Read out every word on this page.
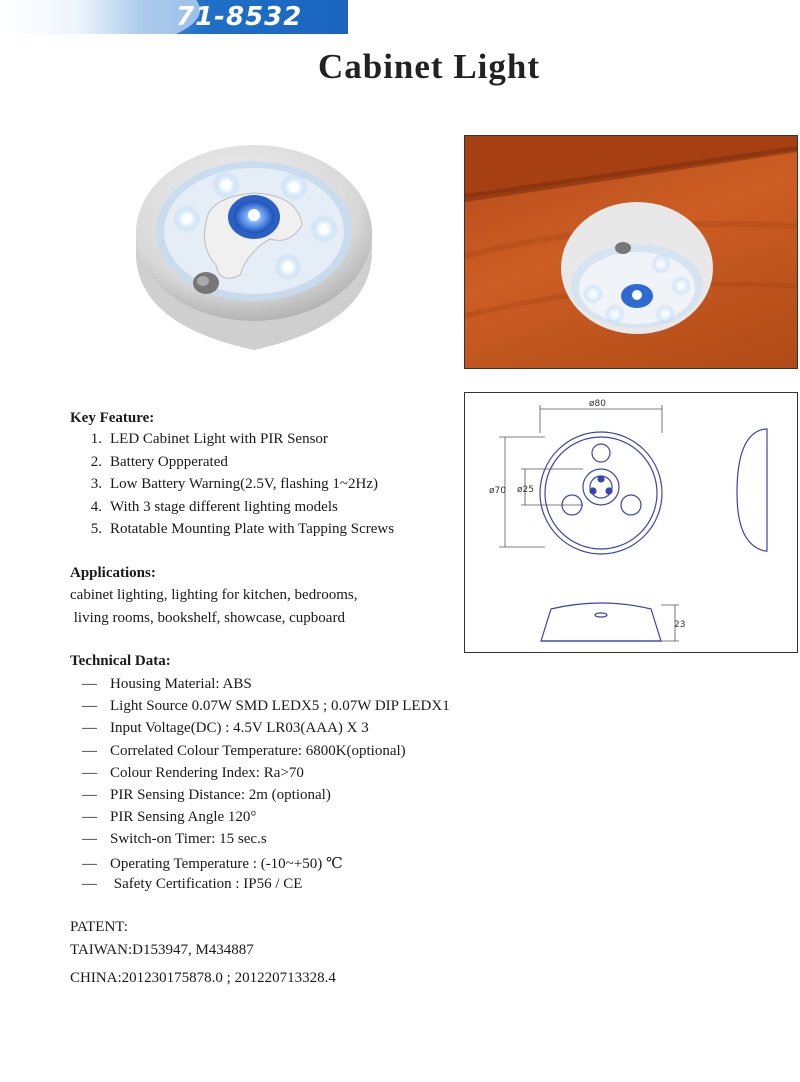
71-8532
Cabinet Light
ø80
ø70 ø25
23
Key Feature:
1. LED Cabinet Light with PIR Sensor
2. Battery Oppperated
3. Low Battery Warning(2.5V, flashing 1~2Hz)
4. With 3 stage different lighting models
5. Rotatable Mounting Plate with Tapping Screws
Applications:
cabinet lighting, lighting for kitchen, bedrooms,
living rooms, bookshelf, showcase, cupboard
Technical Data:
— Housing Material: ABS
— Light Source 0.07W SMD LEDX5 ; 0.07W DIP LEDX1
— Input Voltage(DC) : 4.5V LR03(AAA) X 3
— Correlated Colour Temperature: 6800K(optional)
— Colour Rendering Index: Ra>70
— PIR Sensing Distance: 2m (optional)
— PIR Sensing Angle 120°
— Switch-on Timer: 15 sec.s
— Operating Temperature : (-10~+50) ℃
— Safety Certification : IP56 / CE
PATENT:
TAIWAN:D153947, M434887
CHINA:201230175878.0 ; 201220713328.4
